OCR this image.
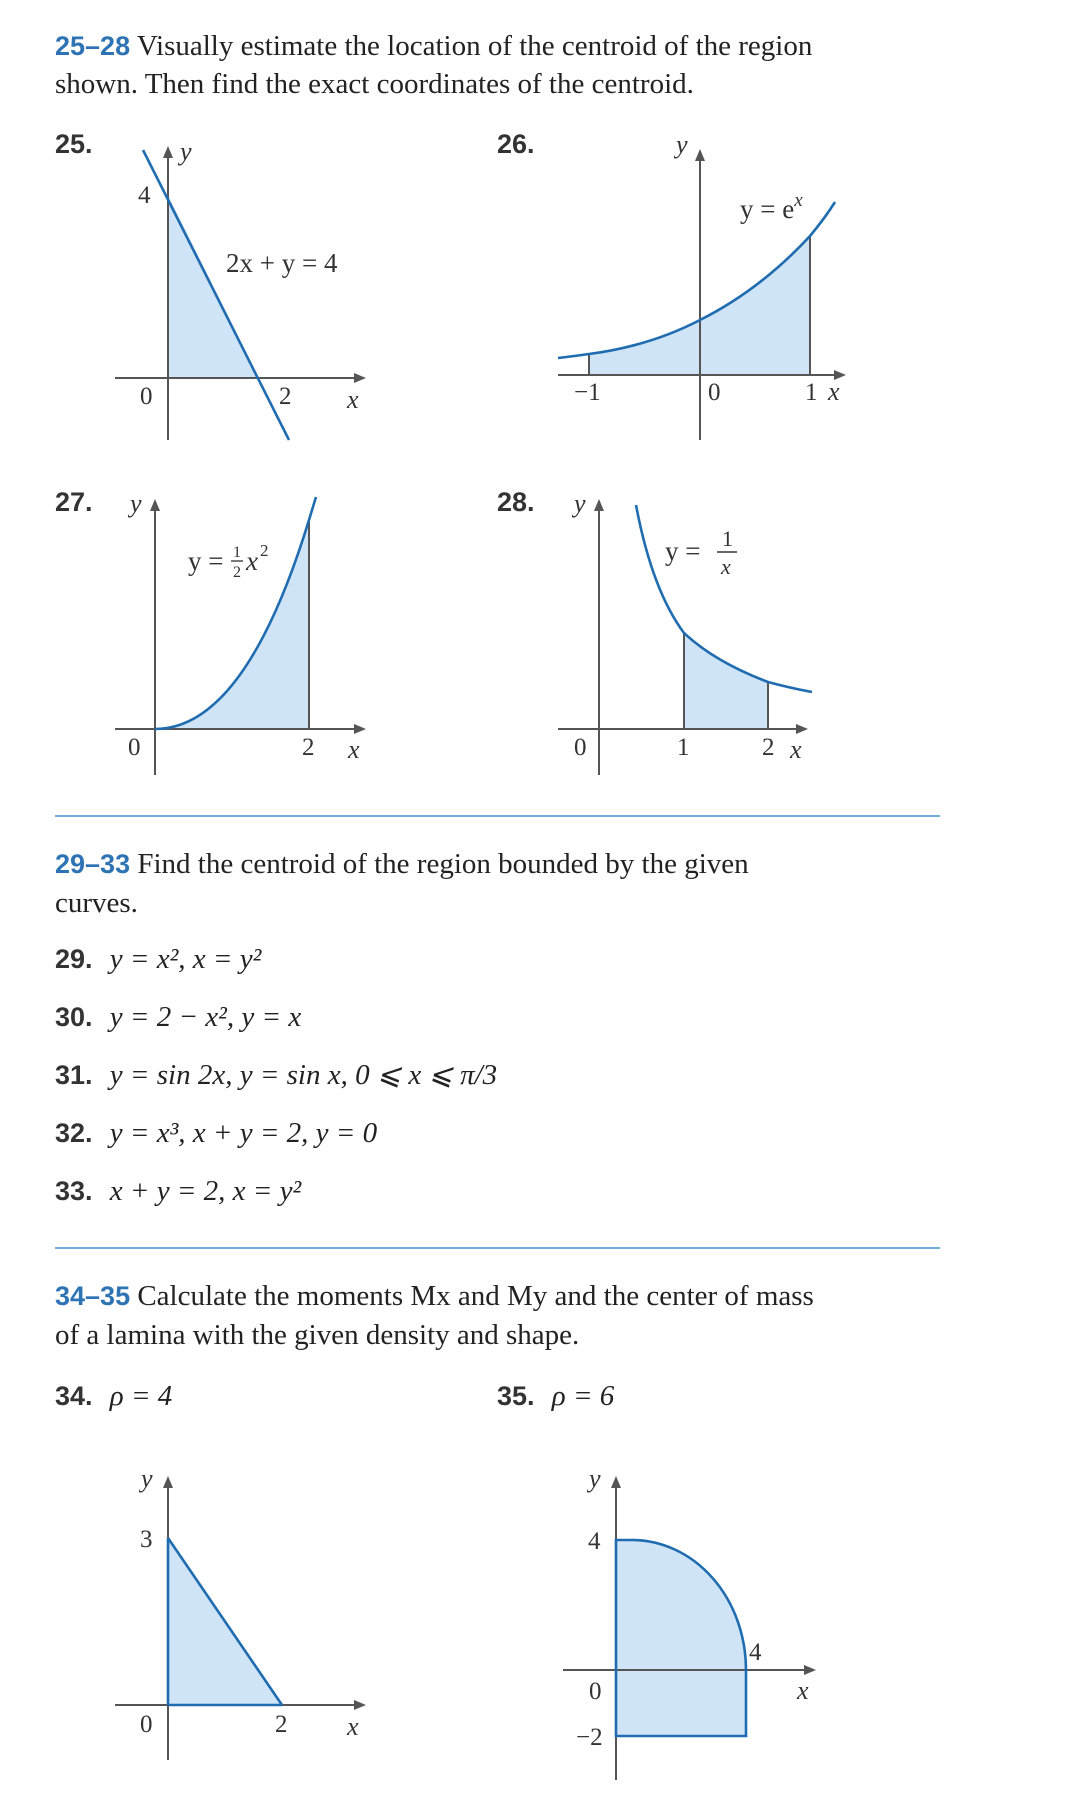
25–28 Visually estimate the location of the centroid of the region
shown. Then find the exact coordinates of the centroid.
25.	26.
27.	28.
y
4
0	2 x
2x + y = 4
y
−1	0	1 x
$y = e^x$
y
0	2 x
y = 1
2 x 2
y
0	1	2 x
y = 1
x
29–33 Find the centroid of the region bounded by the given
curves.
29. y = x², x = y²
30. y = 2 − x², y = x
31. y = sin 2x, y = sin x, 0 ⩽ x ⩽ π/3
32. y = x³, x + y = 2, y = 0
33. x + y = 2, x = y²
34–35 Calculate the moments Mx and My and the center of mass
of a lamina with the given density and shape.
34. ρ = 4	35. ρ = 6
y
3
0	2 x
y
4
0
4
x
−2
